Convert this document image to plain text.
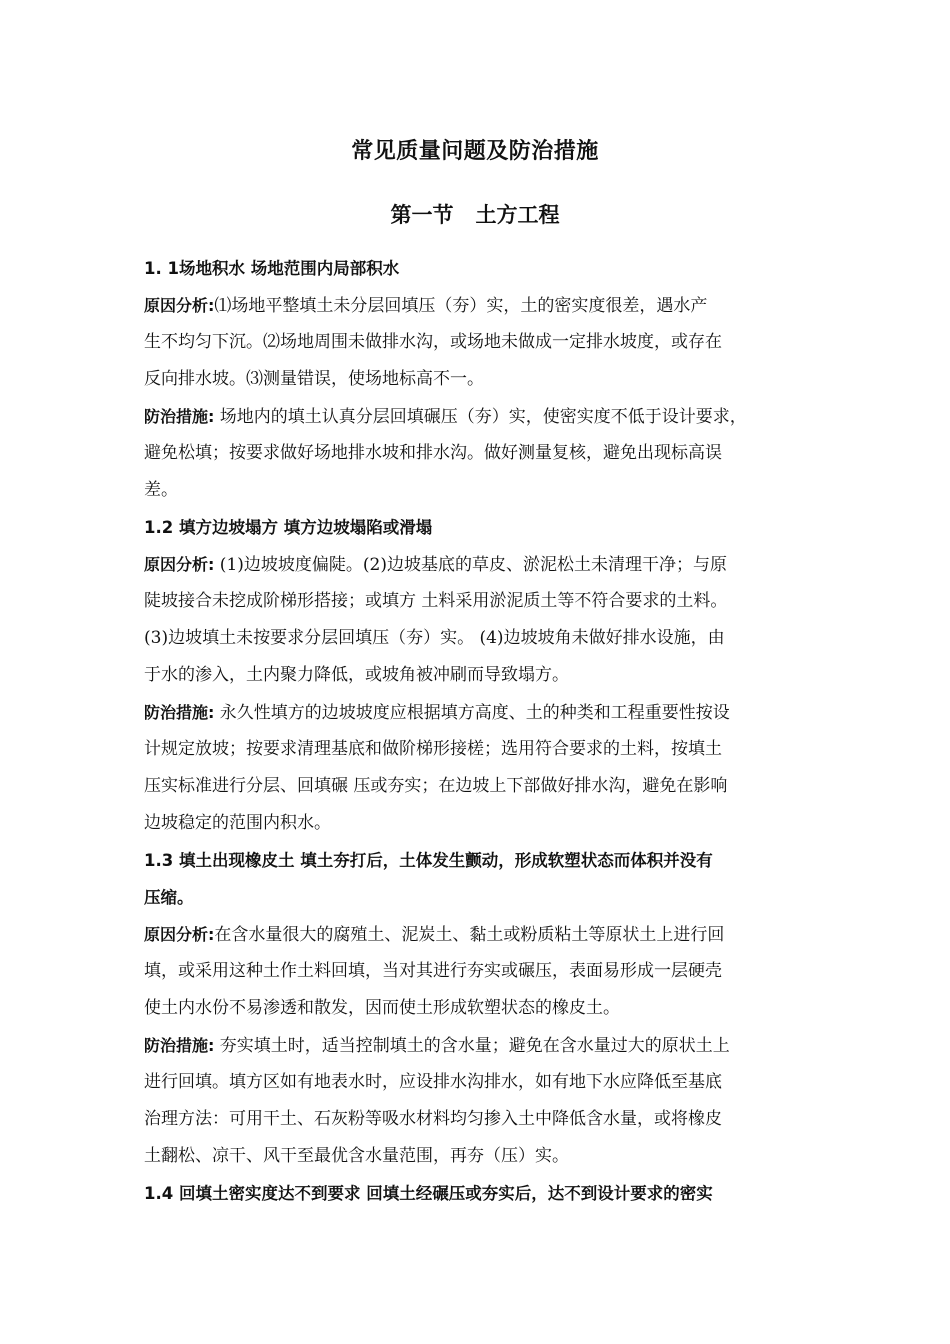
常见质量问题及防治措施
第一节 土方工程
1. 1场地积水 场地范围内局部积水
原因分析:⑴场地平整填土未分层回填压（夯）实，土的密实度很差，遇水产
生不均匀下沉。⑵场地周围未做排水沟，或场地未做成一定排水坡度，或存在
反向排水坡。⑶测量错误，使场地标高不一。
防治措施: 场地内的填土认真分层回填碾压（夯）实，使密实度不低于设计要求，
避免松填；按要求做好场地排水坡和排水沟。做好测量复核，避免出现标高误
差。
1.2 填方边坡塌方 填方边坡塌陷或滑塌
原因分析: (1)边坡坡度偏陡。(2)边坡基底的草皮、淤泥松土未清理干净；与原
陡坡接合未挖成阶梯形搭接；或填方 土料采用淤泥质土等不符合要求的土料。
(3)边坡填土未按要求分层回填压（夯）实。 (4)边坡坡角未做好排水设施，由
于水的渗入，土内聚力降低，或坡角被冲刷而导致塌方。
防治措施: 永久性填方的边坡坡度应根据填方高度、土的种类和工程重要性按设
计规定放坡；按要求清理基底和做阶梯形接槎；选用符合要求的土料，按填土
压实标准进行分层、回填碾 压或夯实；在边坡上下部做好排水沟，避免在影响
边坡稳定的范围内积水。
1.3 填土出现橡皮土 填土夯打后，土体发生颤动，形成软塑状态而体积并没有
压缩。
原因分析:在含水量很大的腐殖土、泥炭土、黏土或粉质粘土等原状土上进行回
填，或采用这种土作土料回填，当对其进行夯实或碾压，表面易形成一层硬壳
使土内水份不易渗透和散发，因而使土形成软塑状态的橡皮土。
防治措施: 夯实填土时，适当控制填土的含水量；避免在含水量过大的原状土上
进行回填。填方区如有地表水时，应设排水沟排水，如有地下水应降低至基底
治理方法：可用干土、石灰粉等吸水材料均匀掺入土中降低含水量，或将橡皮
土翻松、凉干、风干至最优含水量范围，再夯（压）实。
1.4 回填土密实度达不到要求 回填土经碾压或夯实后，达不到设计要求的密实
